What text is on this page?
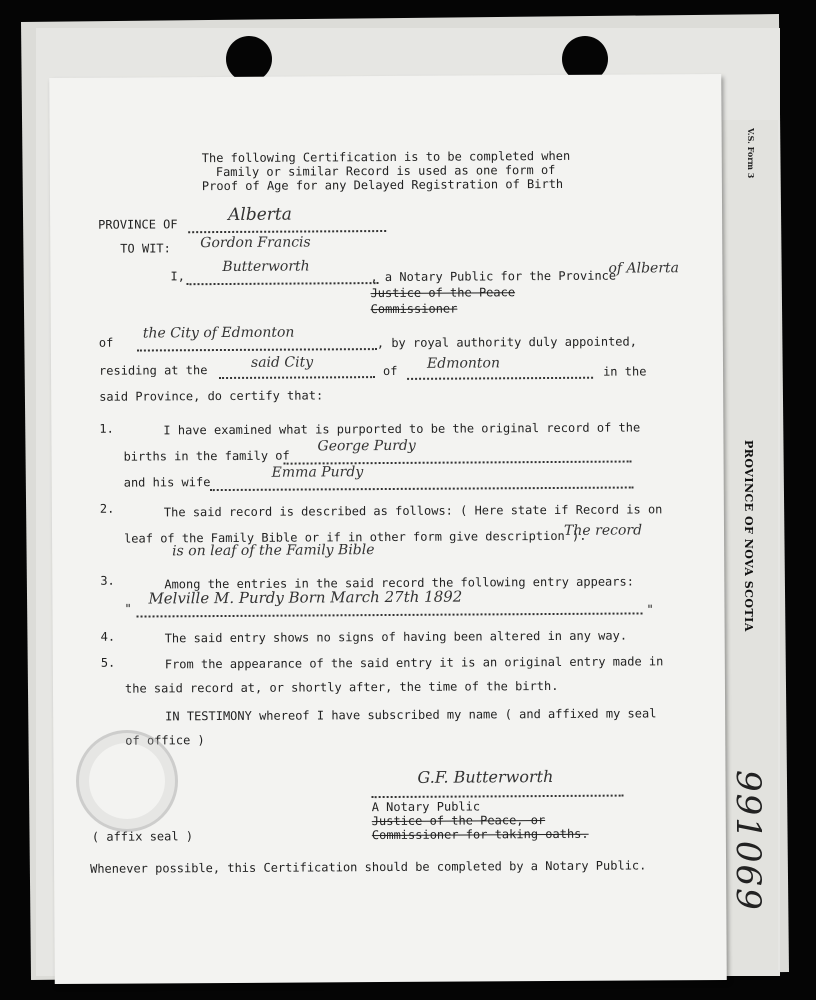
V.S. Form 3
PROVINCE OF NOVA SCOTIA
991069
The following Certification is to be completed when
Family or similar Record is used as one form of
Proof of Age for any Delayed Registration of Birth
PROVINCE OF	Alberta
TO WIT: Gordon Francis
I,
Butterworth
, a Notary Public for the Province
of Alberta
Justice of the Peace
Commissioner
of
the City of Edmonton
, by royal authority duly appointed,
residing at the	said City
of Edmonton	in the
said Province, do certify that:
1.	I have examined what is purported to be the original record of the
births in the family of
George Purdy
and his wife
Emma Purdy
2.	The said record is described as follows: ( Here state if Record is on
leaf of the Family Bible or if in other form give description ).
The record
is on leaf of the Family Bible
3.	Among the entries in the said record the following entry appears:
"
Melville M. Purdy Born March 27th 1892
"
4.	The said entry shows no signs of having been altered in any way.
5.	From the appearance of the said entry it is an original entry made in
the said record at, or shortly after, the time of the birth.
IN TESTIMONY whereof I have subscribed my name ( and affixed my seal
of office )
G.F. Butterworth
A Notary Public
Justice of the Peace, or
Commissioner for taking oaths.
( affix seal )
Whenever possible, this Certification should be completed by a Notary Public.
